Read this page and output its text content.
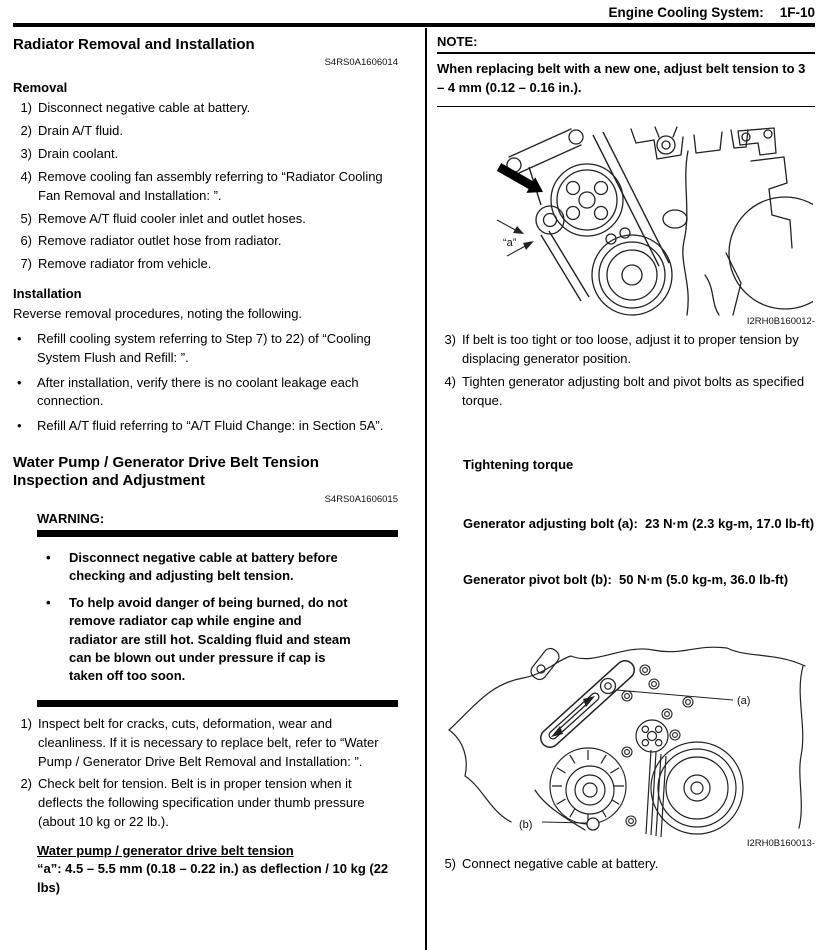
Engine Cooling System: 1F-10
Radiator Removal and Installation
S4RS0A1606014
Removal
1) Disconnect negative cable at battery.
2) Drain A/T fluid.
3) Drain coolant.
4) Remove cooling fan assembly referring to “Radiator Cooling Fan Removal and Installation: ”.
5) Remove A/T fluid cooler inlet and outlet hoses.
6) Remove radiator outlet hose from radiator.
7) Remove radiator from vehicle.
Installation
Reverse removal procedures, noting the following.
• Refill cooling system referring to Step 7) to 22) of “Cooling System Flush and Refill: ”.
• After installation, verify there is no coolant leakage each connection.
• Refill A/T fluid referring to “A/T Fluid Change: in Section 5A”.
Water Pump / Generator Drive Belt Tension Inspection and Adjustment
S4RS0A1606015
WARNING:
• Disconnect negative cable at battery before checking and adjusting belt tension.
• To help avoid danger of being burned, do not remove radiator cap while engine and radiator are still hot. Scalding fluid and steam can be blown out under pressure if cap is taken off too soon.
1) Inspect belt for cracks, cuts, deformation, wear and cleanliness. If it is necessary to replace belt, refer to “Water Pump / Generator Drive Belt Removal and Installation: ”.
2) Check belt for tension. Belt is in proper tension when it deflects the following specification under thumb pressure (about 10 kg or 22 lb.).
Water pump / generator drive belt tension
“a”: 4.5 – 5.5 mm (0.18 – 0.22 in.) as deflection / 10 kg (22 lbs)
NOTE:
When replacing belt with a new one, adjust belt tension to 3 – 4 mm (0.12 – 0.16 in.).
“a”
I2RH0B160012-
3) If belt is too tight or too loose, adjust it to proper tension by displacing generator position.
4) Tighten generator adjusting bolt and pivot bolts as specified torque.

Tightening torque

Generator adjusting bolt (a):  23 N·m (2.3 kg-m, 17.0 lb-ft)

Generator pivot bolt (b):  50 N·m (5.0 kg-m, 36.0 lb-ft)

(a)
(b)
I2RH0B160013-
5) Connect negative cable at battery.
